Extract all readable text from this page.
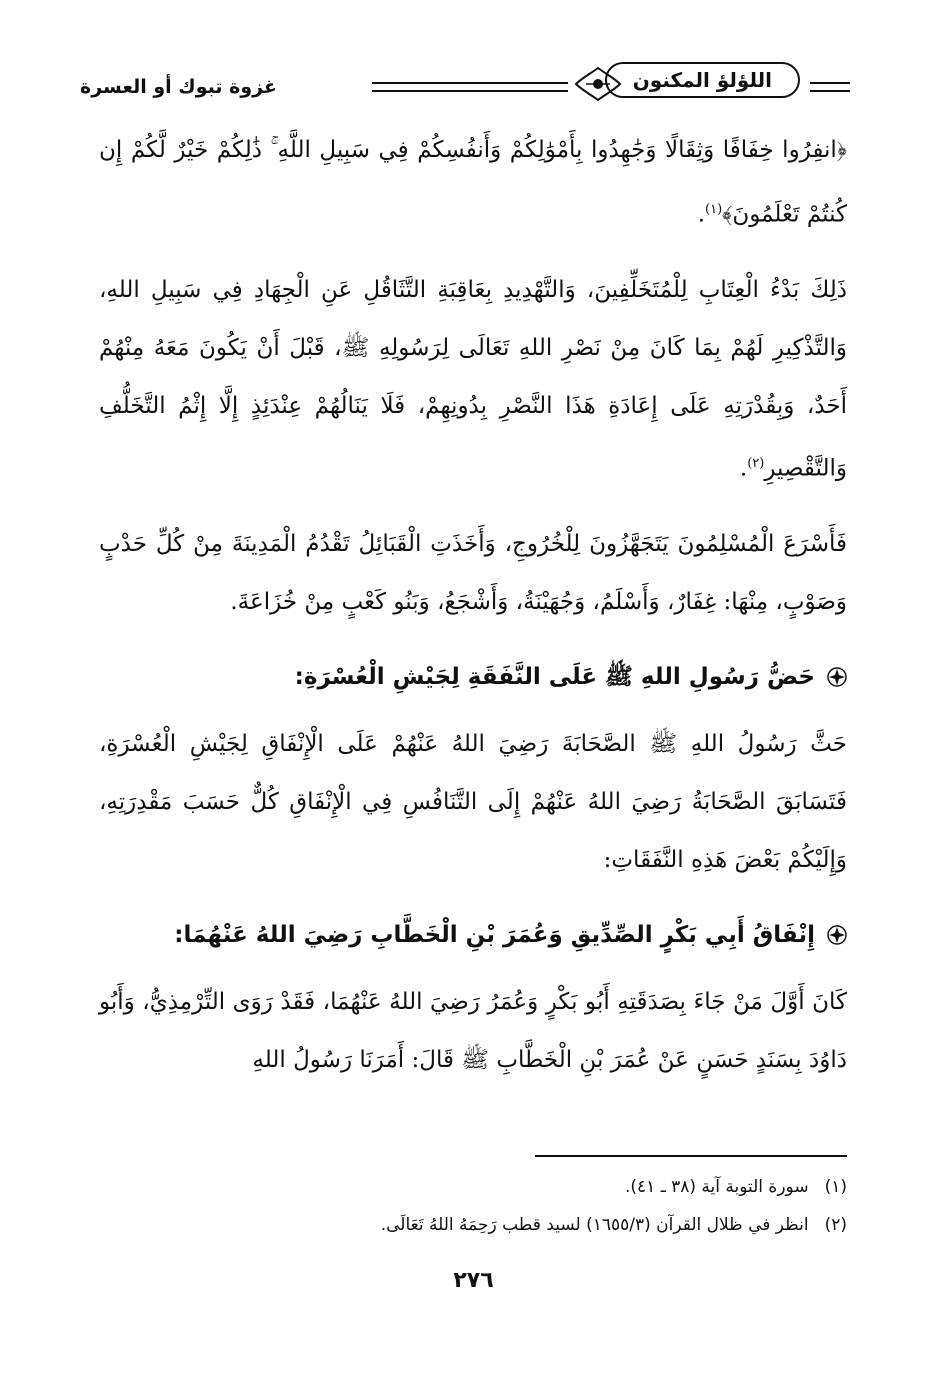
اللؤلؤ المكنون
غزوة تبوك أو العسرة

﴿انفِرُوا خِفَافًا وَثِقَالًا وَجَٰهِدُوا بِأَمْوَٰلِكُمْ وَأَنفُسِكُمْ فِي سَبِيلِ اللَّهِ ۚ ذَٰلِكُمْ خَيْرٌ لَّكُمْ إِن كُنتُمْ تَعْلَمُونَ﴾$^{(١)}$.

ذَلِكَ بَدْءُ الْعِتَابِ لِلْمُتَخَلِّفِينَ، وَالتَّهْدِيدِ بِعَاقِبَةِ التَّثَاقُلِ عَنِ الْجِهَادِ فِي سَبِيلِ اللهِ، وَالتَّذْكِيرِ لَهُمْ بِمَا كَانَ مِنْ نَصْرِ اللهِ تَعَالَى لِرَسُولِهِ ﷺ، قَبْلَ أَنْ يَكُونَ مَعَهُ مِنْهُمْ أَحَدٌ، وَبِقُدْرَتِهِ عَلَى إِعَادَةِ هَذَا النَّصْرِ بِدُونِهِمْ، فَلَا يَنَالُهُمْ عِنْدَئِذٍ إِلَّا إِثْمُ التَّخَلُّفِ وَالتَّقْصِيرِ$^{(٢)}$.

فَأَسْرَعَ الْمُسْلِمُونَ يَتَجَهَّزُونَ لِلْخُرُوجِ، وَأَخَذَتِ الْقَبَائِلُ تَقْدُمُ الْمَدِينَةَ مِنْ كُلِّ حَدْبٍ وَصَوْبٍ، مِنْهَا: غِفَارٌ، وَأَسْلَمُ، وَجُهَيْنَةُ، وَأَشْجَعُ، وَبَنُو كَعْبٍ مِنْ خُزَاعَةَ.

حَضُّ رَسُولِ اللهِ ﷺ عَلَى النَّفَقَةِ لِجَيْشِ الْعُسْرَةِ:

حَثَّ رَسُولُ اللهِ ﷺ الصَّحَابَةَ رَضِيَ اللهُ عَنْهُمْ عَلَى الْإِنْفَاقِ لِجَيْشِ الْعُسْرَةِ، فَتَسَابَقَ الصَّحَابَةُ رَضِيَ اللهُ عَنْهُمْ إِلَى التَّنَافُسِ فِي الْإِنْفَاقِ كُلٌّ حَسَبَ مَقْدِرَتِهِ، وَإِلَيْكُمْ بَعْضَ هَذِهِ النَّفَقَاتِ:

إِنْفَاقُ أَبِي بَكْرٍ الصِّدِّيقِ وَعُمَرَ بْنِ الْخَطَّابِ رَضِيَ اللهُ عَنْهُمَا:

كَانَ أَوَّلَ مَنْ جَاءَ بِصَدَقَتِهِ أَبُو بَكْرٍ وَعُمَرُ رَضِيَ اللهُ عَنْهُمَا، فَقَدْ رَوَى التِّرْمِذِيُّ، وَأَبُو دَاوُدَ بِسَنَدٍ حَسَنٍ عَنْ عُمَرَ بْنِ الْخَطَّابِ ﷺ قَالَ: أَمَرَنَا رَسُولُ اللهِ

(١)
سورة التوبة آية (٣٨ ـ ٤١).
(٢)
انظر في ظلال القرآن (١٦٥٥/٣) لسيد قطب رَحِمَهُ اللهُ تَعَالَى.
٢٧٦
